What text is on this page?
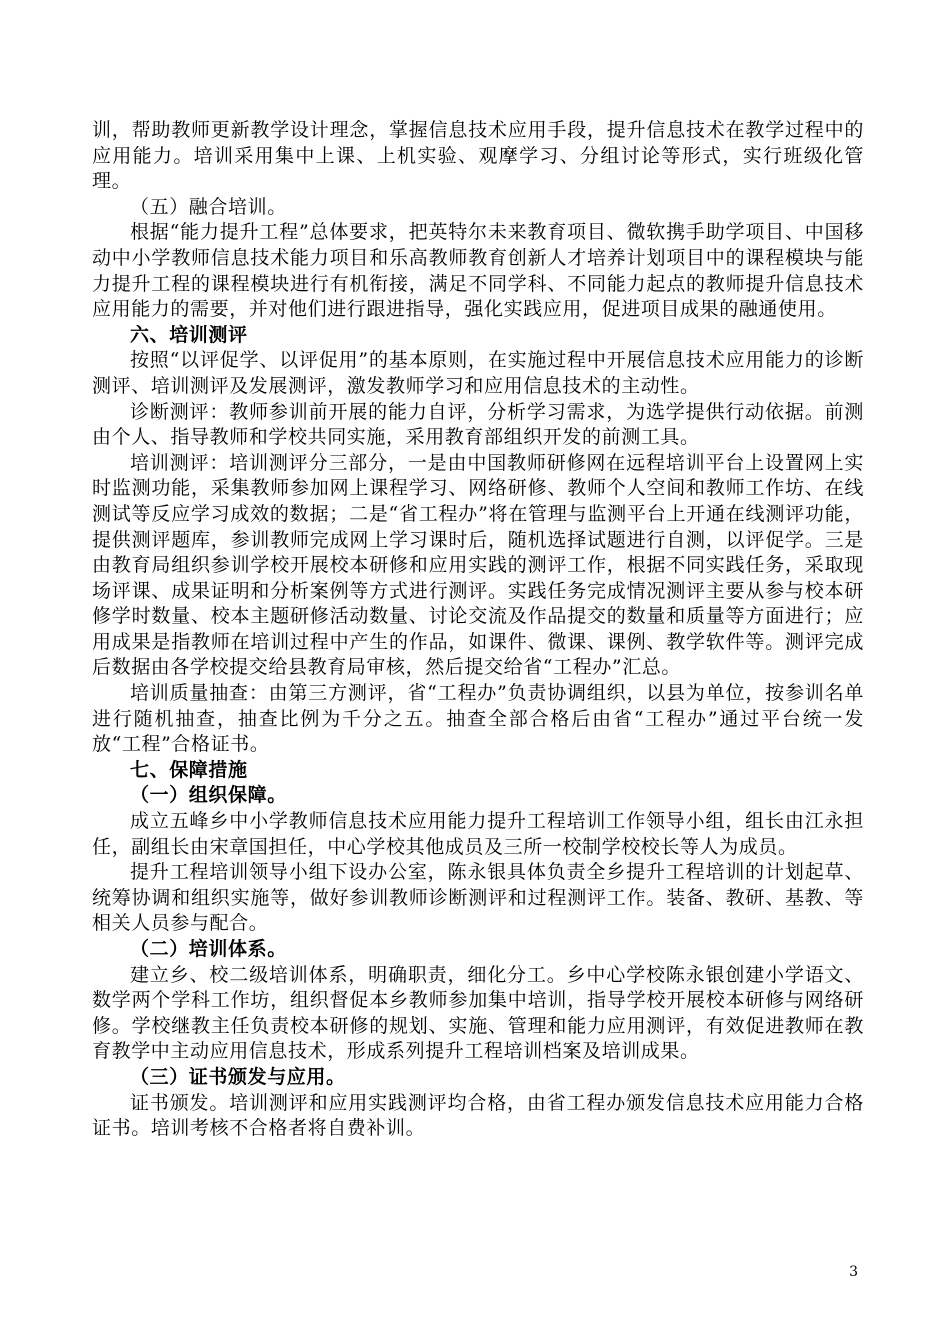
训，帮助教师更新教学设计理念，掌握信息技术应用手段，提升信息技术在教学过程中的应用能力。培训采用集中上课、上机实验、观摩学习、分组讨论等形式，实行班级化管理。

（五）融合培训。

根据“能力提升工程”总体要求，把英特尔未来教育项目、微软携手助学项目、中国移动中小学教师信息技术能力项目和乐高教师教育创新人才培养计划项目中的课程模块与能力提升工程的课程模块进行有机衔接，满足不同学科、不同能力起点的教师提升信息技术应用能力的需要，并对他们进行跟进指导，强化实践应用，促进项目成果的融通使用。

六、培训测评

按照“以评促学、以评促用”的基本原则，在实施过程中开展信息技术应用能力的诊断测评、培训测评及发展测评，激发教师学习和应用信息技术的主动性。

诊断测评：教师参训前开展的能力自评，分析学习需求，为选学提供行动依据。前测由个人、指导教师和学校共同实施，采用教育部组织开发的前测工具。

培训测评：培训测评分三部分，一是由中国教师研修网在远程培训平台上设置网上实时监测功能，采集教师参加网上课程学习、网络研修、教师个人空间和教师工作坊、在线测试等反应学习成效的数据；二是“省工程办”将在管理与监测平台上开通在线测评功能，提供测评题库，参训教师完成网上学习课时后，随机选择试题进行自测，以评促学。三是由教育局组织参训学校开展校本研修和应用实践的测评工作，根据不同实践任务，采取现场评课、成果证明和分析案例等方式进行测评。实践任务完成情况测评主要从参与校本研修学时数量、校本主题研修活动数量、讨论交流及作品提交的数量和质量等方面进行；应用成果是指教师在培训过程中产生的作品，如课件、微课、课例、教学软件等。测评完成后数据由各学校提交给县教育局审核，然后提交给省“工程办”汇总。

培训质量抽查：由第三方测评，省“工程办”负责协调组织，以县为单位，按参训名单进行随机抽查，抽查比例为千分之五。抽查全部合格后由省“工程办”通过平台统一发放“工程”合格证书。

七、保障措施

（一）组织保障。

成立五峰乡中小学教师信息技术应用能力提升工程培训工作领导小组，组长由江永担任，副组长由宋章国担任，中心学校其他成员及三所一校制学校校长等人为成员。

提升工程培训领导小组下设办公室，陈永银具体负责全乡提升工程培训的计划起草、统筹协调和组织实施等，做好参训教师诊断测评和过程测评工作。装备、教研、基教、等相关人员参与配合。

（二）培训体系。

建立乡、校二级培训体系，明确职责，细化分工。乡中心学校陈永银创建小学语文、数学两个学科工作坊，组织督促本乡教师参加集中培训，指导学校开展校本研修与网络研修。学校继教主任负责校本研修的规划、实施、管理和能力应用测评，有效促进教师在教育教学中主动应用信息技术，形成系列提升工程培训档案及培训成果。

（三）证书颁发与应用。

证书颁发。培训测评和应用实践测评均合格，由省工程办颁发信息技术应用能力合格证书。培训考核不合格者将自费补训。

3
